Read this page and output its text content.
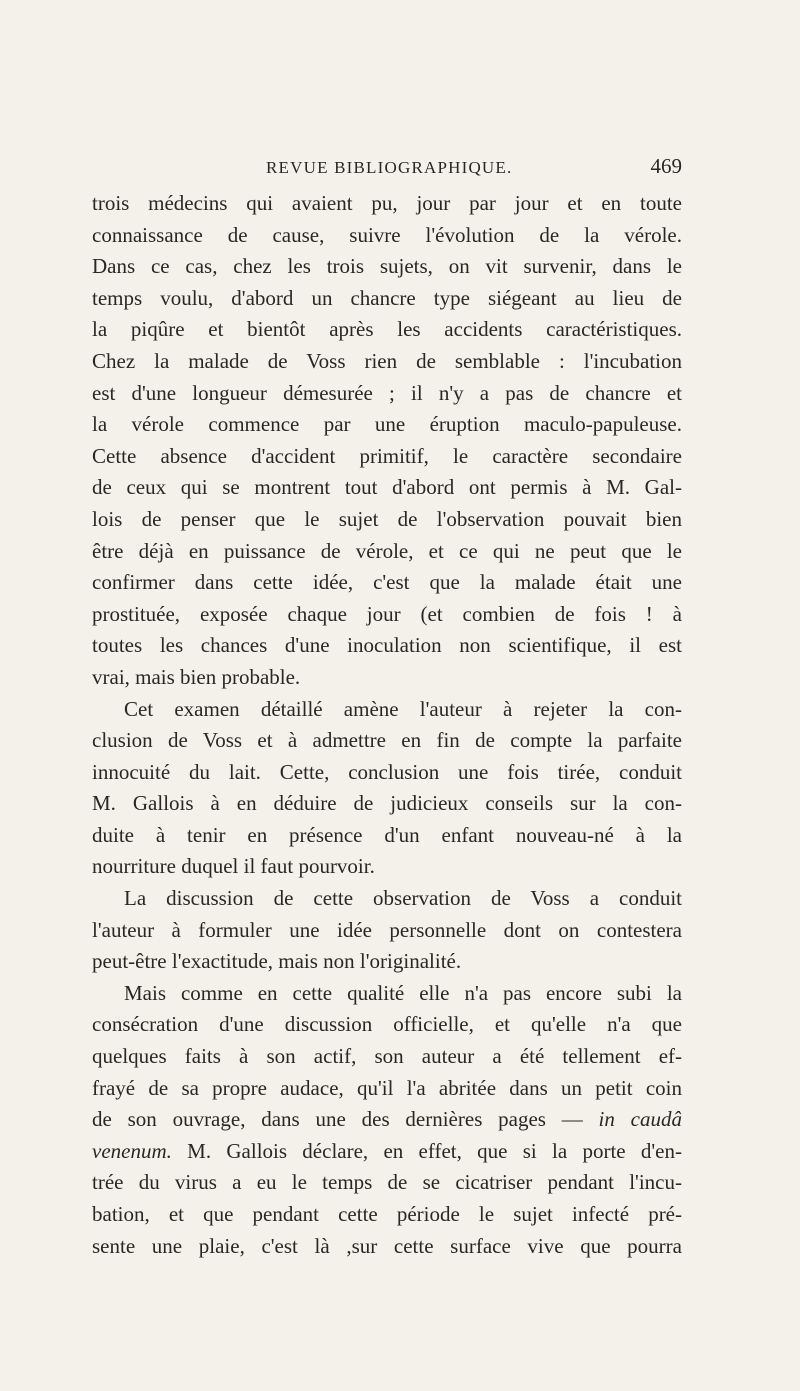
REVUE BIBLIOGRAPHIQUE.	469
trois médecins qui avaient pu, jour par jour et en toute
connaissance de cause, suivre l'évolution de la vérole.
Dans ce cas, chez les trois sujets, on vit survenir, dans le
temps voulu, d'abord un chancre type siégeant au lieu de
la piqûre et bientôt après les accidents caractéristiques.
Chez la malade de Voss rien de semblable : l'incubation
est d'une longueur démesurée ; il n'y a pas de chancre et
la vérole commence par une éruption maculo-papuleuse.
Cette absence d'accident primitif, le caractère secondaire
de ceux qui se montrent tout d'abord ont permis à M. Gal-
lois de penser que le sujet de l'observation pouvait bien
être déjà en puissance de vérole, et ce qui ne peut que le
confirmer dans cette idée, c'est que la malade était une
prostituée, exposée chaque jour (et combien de fois ! à
toutes les chances d'une inoculation non scientifique, il est
vrai, mais bien probable.
Cet examen détaillé amène l'auteur à rejeter la con-
clusion de Voss et à admettre en fin de compte la parfaite
innocuité du lait. Cette, conclusion une fois tirée, conduit
M. Gallois à en déduire de judicieux conseils sur la con-
duite à tenir en présence d'un enfant nouveau-né à la
nourriture duquel il faut pourvoir.
La discussion de cette observation de Voss a conduit
l'auteur à formuler une idée personnelle dont on contestera
peut-être l'exactitude, mais non l'originalité.
Mais comme en cette qualité elle n'a pas encore subi la
consécration d'une discussion officielle, et qu'elle n'a que
quelques faits à son actif, son auteur a été tellement ef-
frayé de sa propre audace, qu'il l'a abritée dans un petit coin
de son ouvrage, dans une des dernières pages — in caudâ
venenum. M. Gallois déclare, en effet, que si la porte d'en-
trée du virus a eu le temps de se cicatriser pendant l'incu-
bation, et que pendant cette période le sujet infecté pré-
sente une plaie, c'est là ,sur cette surface vive que pourra
